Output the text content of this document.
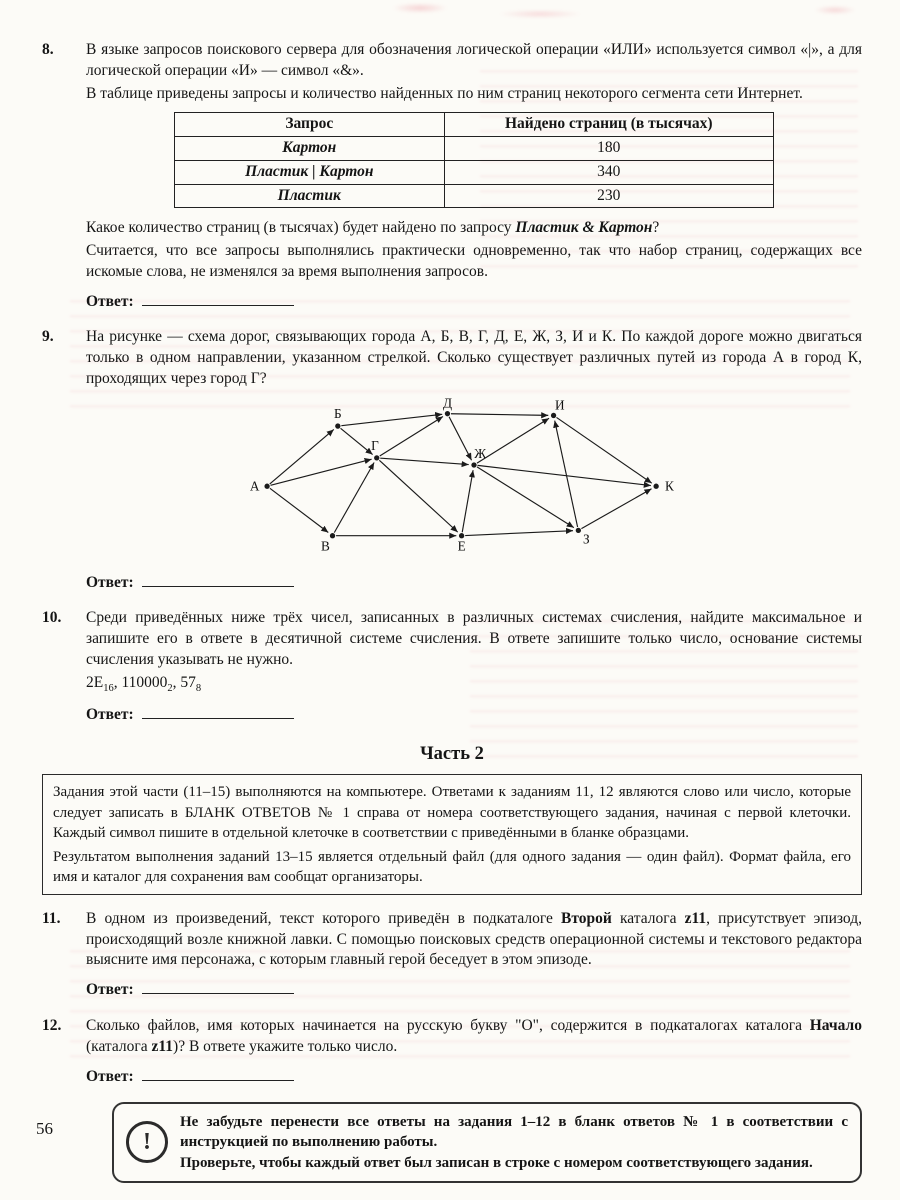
8.	В языке запросов поискового сервера для обозначения логической операции «ИЛИ» используется символ «|», а для логической операции «И» — символ «&».

В таблице приведены запросы и количество найденных по ним страниц некоторого сегмента сети Интернет.

Запрос	Найдено страниц (в тысячах)
Картон	180
Пластик | Картон	340
Пластик	230

Какое количество страниц (в тысячах) будет найдено по запросу Пластик & Картон?

Считается, что все запросы выполнялись практически одновременно, так что набор страниц, содержащих все искомые слова, не изменялся за время выполнения запросов.

Ответ:
9.	На рисунке — схема дорог, связывающих города А, Б, В, Г, Д, Е, Ж, З, И и К. По каждой дороге можно двигаться только в одном направлении, указанном стрелкой. Сколько существует различных путей из города А в город К, проходящих через город Г?

А
Б
В
Г
Д
Е
Ж
З
И
К
Ответ:
10.	Среди приведённых ниже трёх чисел, записанных в различных системах счисления, найдите максимальное и запишите его в ответе в десятичной системе счисления. В ответе запишите только число, основание системы счисления указывать не нужно.

$2E_{16}$, $110000_2$, $57_8$

Ответ:
Часть 2

Задания этой части (11–15) выполняются на компьютере. Ответами к заданиям 11, 12 являются слово или число, которые следует записать в БЛАНК ОТВЕТОВ № 1 справа от номера соответствующего задания, начиная с первой клеточки. Каждый символ пишите в отдельной клеточке в соответствии с приведёнными в бланке образцами.

Результатом выполнения заданий 13–15 является отдельный файл (для одного задания — один файл). Формат файла, его имя и каталог для сохранения вам сообщат организаторы.

11.	В одном из произведений, текст которого приведён в подкаталоге Второй каталога z11, присутствует эпизод, происходящий возле книжной лавки. С помощью поисковых средств операционной системы и текстового редактора выясните имя персонажа, с которым главный герой беседует в этом эпизоде.

Ответ:
12.	Сколько файлов, имя которых начинается на русскую букву "О", содержится в подкаталогах каталога Начало (каталога z11)? В ответе укажите только число.

Ответ:
!

Не забудьте перенести все ответы на задания 1–12 в бланк ответов № 1 в соответствии с инструкцией по выполнению работы.

Проверьте, чтобы каждый ответ был записан в строке с номером соответствующего задания.

56
